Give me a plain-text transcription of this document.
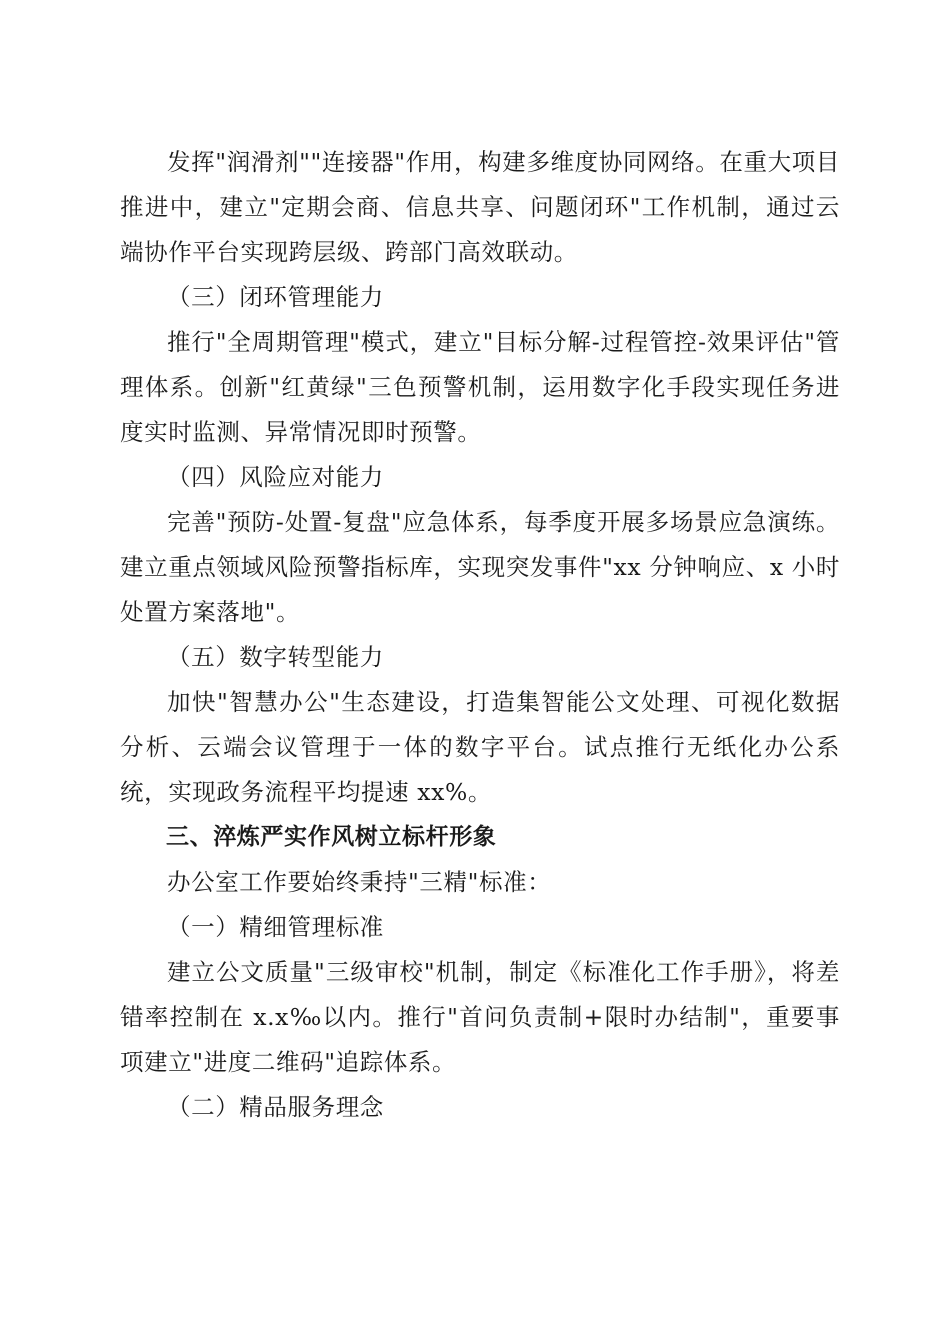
发挥"润滑剂""连接器"作用，构建多维度协同网络。在重大项目推进中，建立"定期会商、信息共享、问题闭环"工作机制，通过云端协作平台实现跨层级、跨部门高效联动。

（三）闭环管理能力

推行"全周期管理"模式，建立"目标分解-过程管控-效果评估"管理体系。创新"红黄绿"三色预警机制，运用数字化手段实现任务进度实时监测、异常情况即时预警。

（四）风险应对能力

完善"预防-处置-复盘"应急体系，每季度开展多场景应急演练。建立重点领域风险预警指标库，实现突发事件"xx 分钟响应、x 小时处置方案落地"。

（五）数字转型能力

加快"智慧办公"生态建设，打造集智能公文处理、可视化数据分析、云端会议管理于一体的数字平台。试点推行无纸化办公系统，实现政务流程平均提速 xx%。

三、淬炼严实作风树立标杆形象

办公室工作要始终秉持"三精"标准：

（一）精细管理标准

建立公文质量"三级审校"机制，制定《标准化工作手册》，将差错率控制在 x.x‰以内。推行"首问负责制+限时办结制"，重要事项建立"进度二维码"追踪体系。

（二）精品服务理念
